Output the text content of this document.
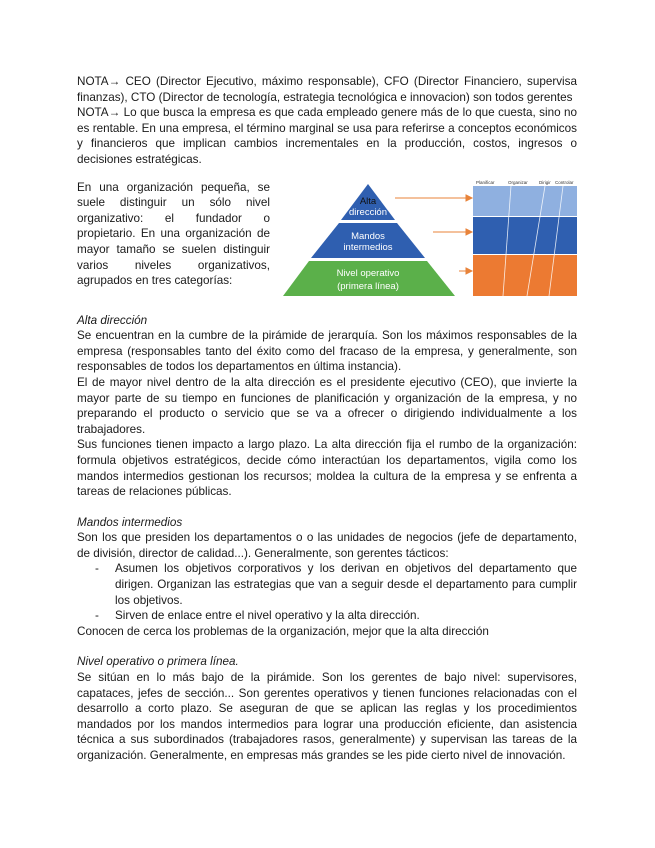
NOTA→ CEO (Director Ejecutivo, máximo responsable), CFO (Director Financiero, supervisa finanzas), CTO (Director de tecnología, estrategia tecnológica e innovacion) son todos gerentes

NOTA→ Lo que busca la empresa es que cada empleado genere más de lo que cuesta, sino no es rentable. En una empresa, el término marginal se usa para referirse a conceptos económicos y financieros que implican cambios incrementales en la producción, costos, ingresos o decisiones estratégicas.

En una organización pequeña, se suele distinguir un sólo nivel organizativo: el fundador o propietario. En una organización de mayor tamaño se suelen distinguir varios niveles organizativos, agrupados en tres categorías:

Alta
dirección
Mandos
intermedios
Nivel operativo
(primera línea)
Planificar	Organizar Dirigir Controlar

Alta dirección

Se encuentran en la cumbre de la pirámide de jerarquía. Son los máximos responsables de la empresa (responsables tanto del éxito como del fracaso de la empresa, y generalmente, son responsables de todos los departamentos en última instancia).

El de mayor nivel dentro de la alta dirección es el presidente ejecutivo (CEO), que invierte la mayor parte de su tiempo en funciones de planificación y organización de la empresa, y no preparando el producto o servicio que se va a ofrecer o dirigiendo individualmente a los trabajadores.

Sus funciones tienen impacto a largo plazo. La alta dirección fija el rumbo de la organización: formula objetivos estratégicos, decide cómo interactúan los departamentos, vigila como los mandos intermedios gestionan los recursos; moldea la cultura de la empresa y se enfrenta a tareas de relaciones públicas.

Mandos intermedios

Son los que presiden los departamentos o o las unidades de negocios (jefe de departamento, de división, director de calidad...). Generalmente, son gerentes tácticos:

- Asumen los objetivos corporativos y los derivan en objetivos del departamento que dirigen. Organizan las estrategias que van a seguir desde el departamento para cumplir los objetivos.
- Sirven de enlace entre el nivel operativo y la alta dirección.

Conocen de cerca los problemas de la organización, mejor que la alta dirección

Nivel operativo o primera línea.

Se sitúan en lo más bajo de la pirámide. Son los gerentes de bajo nivel: supervisores, capataces, jefes de sección... Son gerentes operativos y tienen funciones relacionadas con el desarrollo a corto plazo. Se aseguran de que se aplican las reglas y los procedimientos mandados por los mandos intermedios para lograr una producción eficiente, dan asistencia técnica a sus subordinados (trabajadores rasos, generalmente) y supervisan las tareas de la organización. Generalmente, en empresas más grandes se les pide cierto nivel de innovación.
